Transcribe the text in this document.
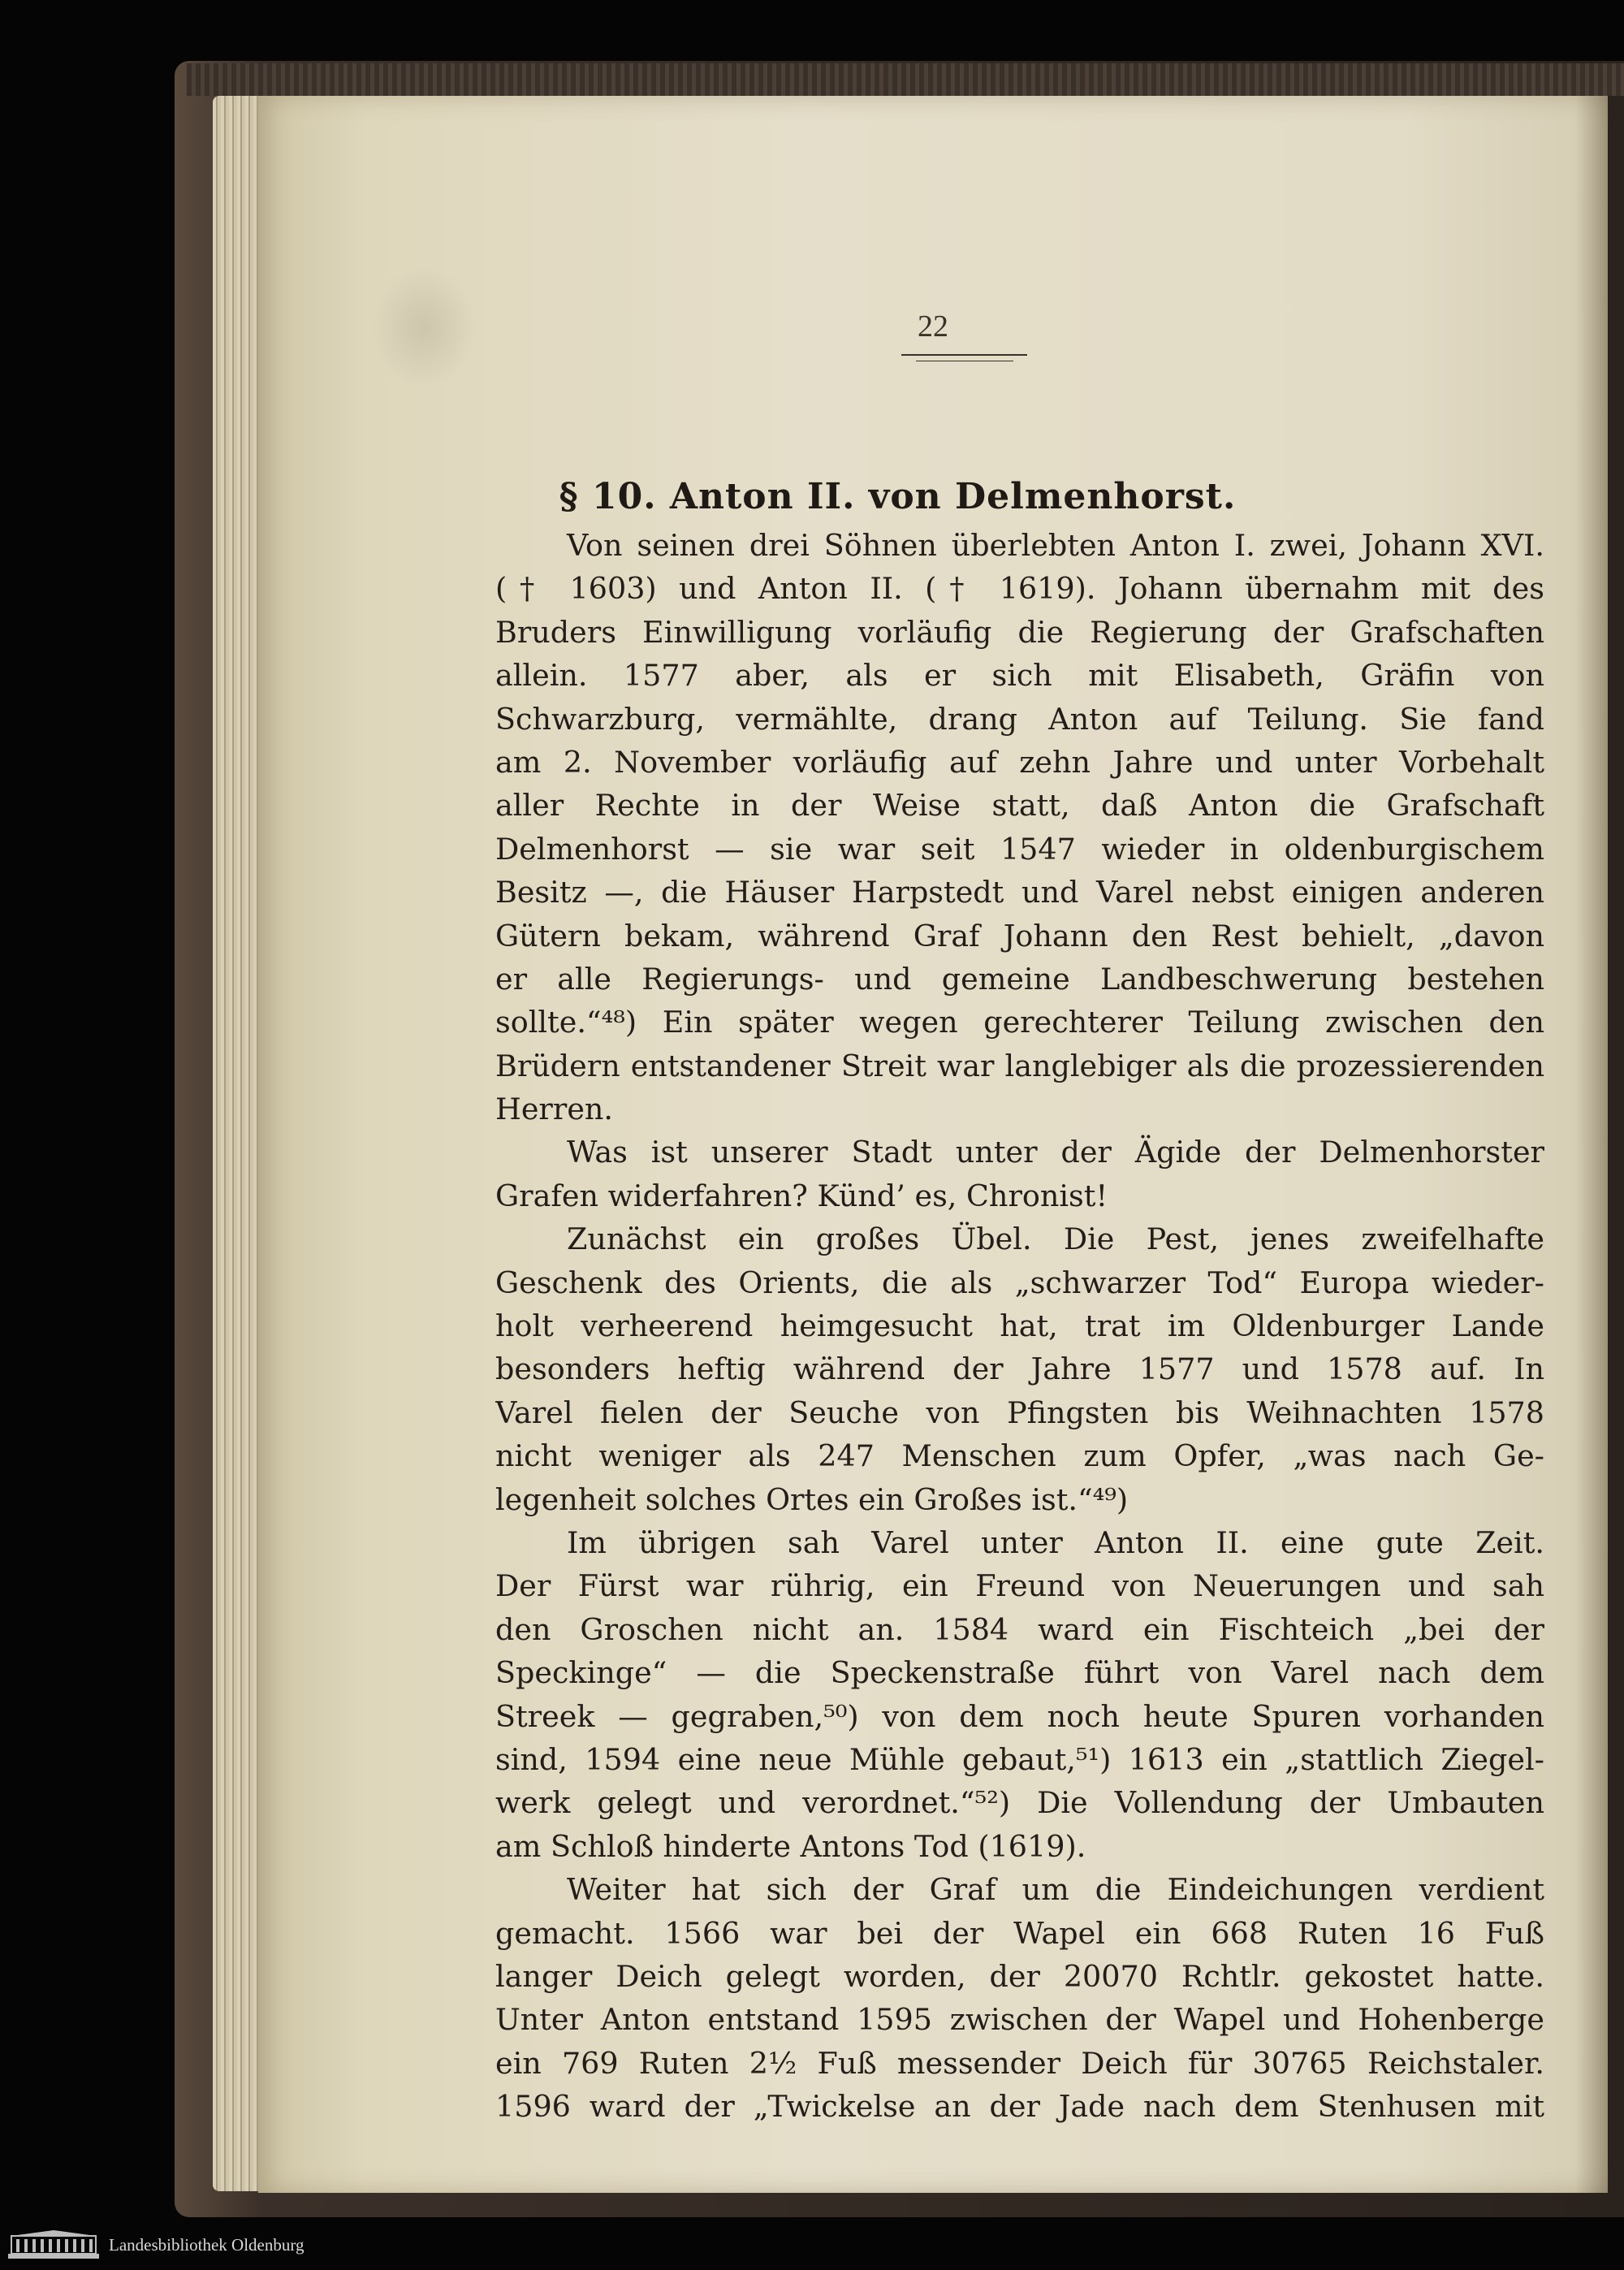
22
§ 10. Anton II. von Delmenhorst.
Von seinen drei Söhnen überlebten Anton I. zwei, Johann XVI.
(† 1603) und Anton II. († 1619). Johann übernahm mit des
Bruders Einwilligung vorläufig die Regierung der Grafschaften
allein. 1577 aber, als er sich mit Elisabeth, Gräfin von
Schwarzburg, vermählte, drang Anton auf Teilung. Sie fand
am 2. November vorläufig auf zehn Jahre und unter Vorbehalt
aller Rechte in der Weise statt, daß Anton die Grafschaft
Delmenhorst — sie war seit 1547 wieder in oldenburgischem
Besitz —, die Häuser Harpstedt und Varel nebst einigen anderen
Gütern bekam, während Graf Johann den Rest behielt, „davon
er alle Regierungs- und gemeine Landbeschwerung bestehen
sollte.“⁴⁸) Ein später wegen gerechterer Teilung zwischen den
Brüdern entstandener Streit war langlebiger als die prozessierenden
Herren.
Was ist unserer Stadt unter der Ägide der Delmenhorster
Grafen widerfahren? Künd’ es, Chronist!
Zunächst ein großes Übel. Die Pest, jenes zweifelhafte
Geschenk des Orients, die als „schwarzer Tod“ Europa wieder-
holt verheerend heimgesucht hat, trat im Oldenburger Lande
besonders heftig während der Jahre 1577 und 1578 auf. In
Varel fielen der Seuche von Pfingsten bis Weihnachten 1578
nicht weniger als 247 Menschen zum Opfer, „was nach Ge-
legenheit solches Ortes ein Großes ist.“⁴⁹)
Im übrigen sah Varel unter Anton II. eine gute Zeit.
Der Fürst war rührig, ein Freund von Neuerungen und sah
den Groschen nicht an. 1584 ward ein Fischteich „bei der
Speckinge“ — die Speckenstraße führt von Varel nach dem
Streek — gegraben,⁵⁰) von dem noch heute Spuren vorhanden
sind, 1594 eine neue Mühle gebaut,⁵¹) 1613 ein „stattlich Ziegel-
werk gelegt und verordnet.“⁵²) Die Vollendung der Umbauten
am Schloß hinderte Antons Tod (1619).
Weiter hat sich der Graf um die Eindeichungen verdient
gemacht. 1566 war bei der Wapel ein 668 Ruten 16 Fuß
langer Deich gelegt worden, der 20070 Rchtlr. gekostet hatte.
Unter Anton entstand 1595 zwischen der Wapel und Hohenberge
ein 769 Ruten 2½ Fuß messender Deich für 30765 Reichstaler.
1596 ward der „Twickelse an der Jade nach dem Stenhusen mit
Landesbibliothek Oldenburg
